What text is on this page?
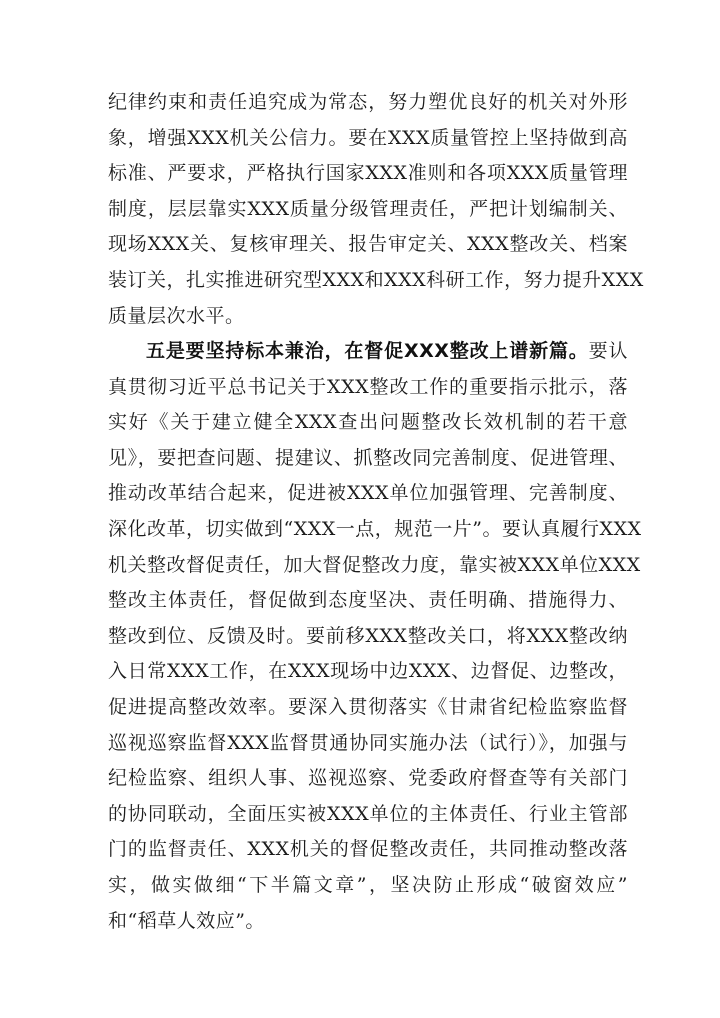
纪律约束和责任追究成为常态，努力塑优良好的机关对外形
象，增强XXX机关公信力。要在XXX质量管控上坚持做到高
标准、严要求，严格执行国家XXX准则和各项XXX质量管理
制度，层层靠实XXX质量分级管理责任，严把计划编制关、
现场XXX关、复核审理关、报告审定关、XXX整改关、档案
装订关，扎实推进研究型XXX和XXX科研工作，努力提升XXX
质量层次水平。
五是要坚持标本兼治，在督促XXX整改上谱新篇。要认
真贯彻习近平总书记关于XXX整改工作的重要指示批示，落
实好《关于建立健全XXX查出问题整改长效机制的若干意
见》，要把查问题、提建议、抓整改同完善制度、促进管理、
推动改革结合起来，促进被XXX单位加强管理、完善制度、
深化改革，切实做到“XXX一点，规范一片”。要认真履行XXX
机关整改督促责任，加大督促整改力度，靠实被XXX单位XXX
整改主体责任，督促做到态度坚决、责任明确、措施得力、
整改到位、反馈及时。要前移XXX整改关口，将XXX整改纳
入日常XXX工作，在XXX现场中边XXX、边督促、边整改，
促进提高整改效率。要深入贯彻落实《甘肃省纪检监察监督
巡视巡察监督XXX监督贯通协同实施办法（试行）》，加强与
纪检监察、组织人事、巡视巡察、党委政府督查等有关部门
的协同联动，全面压实被XXX单位的主体责任、行业主管部
门的监督责任、XXX机关的督促整改责任，共同推动整改落
实，做实做细“下半篇文章”，坚决防止形成“破窗效应”
和“稻草人效应”。
